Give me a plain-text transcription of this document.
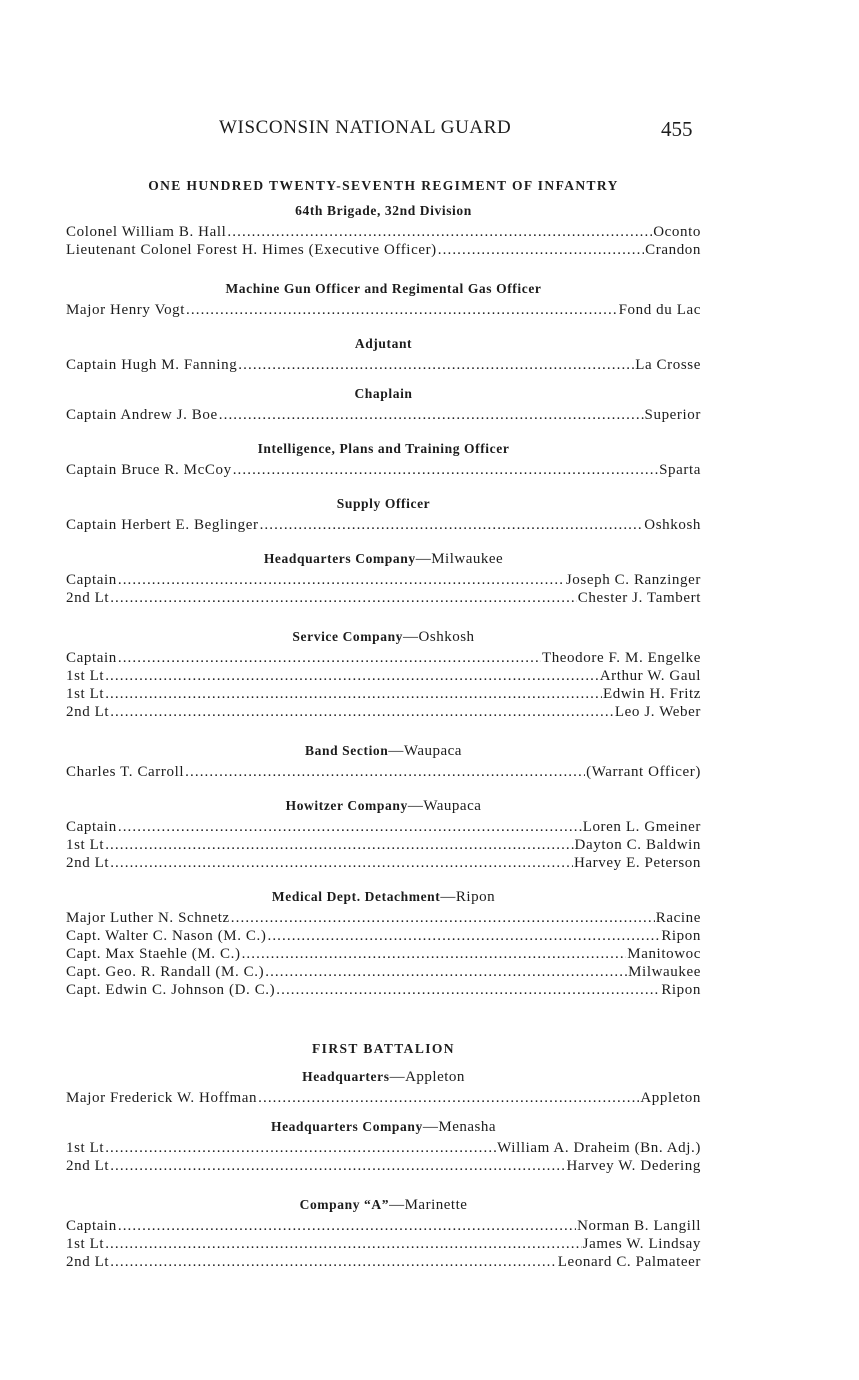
WISCONSIN NATIONAL GUARD	455
ONE HUNDRED TWENTY-SEVENTH REGIMENT OF INFANTRY
64th Brigade, 32nd Division
Colonel William B. Hall .....	Oconto
Lieutenant Colonel Forest H. Himes (Executive Officer) .....	Crandon
Machine Gun Officer and Regimental Gas Officer
Major Henry Vogt .....	Fond du Lac
Adjutant
Captain Hugh M. Fanning .....	La Crosse
Chaplain
Captain Andrew J. Boe .....	Superior
Intelligence, Plans and Training Officer
Captain Bruce R. McCoy .....	Sparta
Supply Officer
Captain Herbert E. Beglinger .....	Oshkosh
Headquarters Company—Milwaukee
Captain .....	Joseph C. Ranzinger
2nd Lt .....	Chester J. Tambert
Service Company—Oshkosh
Captain .....	Theodore F. M. Engelke
1st Lt .....	Arthur W. Gaul
1st Lt .....	Edwin H. Fritz
2nd Lt .....	Leo J. Weber
Band Section—Waupaca
Charles T. Carroll .....	(Warrant Officer)
Howitzer Company—Waupaca
Captain .....	Loren L. Gmeiner
1st Lt .....	Dayton C. Baldwin
2nd Lt .....	Harvey E. Peterson
Medical Dept. Detachment—Ripon
Major Luther N. Schnetz .....	Racine
Capt. Walter C. Nason (M. C.) .....	Ripon
Capt. Max Staehle (M. C.) .....	Manitowoc
Capt. Geo. R. Randall (M. C.) .....	Milwaukee
Capt. Edwin C. Johnson (D. C.) .....	Ripon
FIRST BATTALION
Headquarters—Appleton
Major Frederick W. Hoffman .....	Appleton
Headquarters Company—Menasha
1st Lt .....	William A. Draheim (Bn. Adj.)
2nd Lt .....	Harvey W. Dedering
Company “A”—Marinette
Captain .....	Norman B. Langill
1st Lt .....	James W. Lindsay
2nd Lt .....	Leonard C. Palmateer
